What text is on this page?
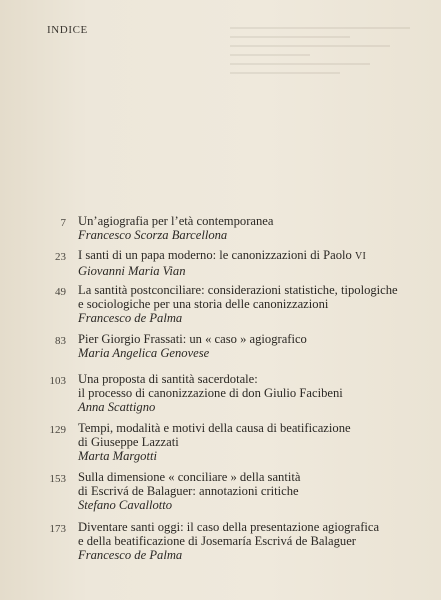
INDICE
7 Un’agiografia per l’età contemporanea
Francesco Scorza Barcellona
23 I santi di un papa moderno: le canonizzazioni di Paolo VI
Giovanni Maria Vian
49 La santità postconciliare: considerazioni statistiche, tipologiche
e sociologiche per una storia delle canonizzazioni
Francesco de Palma
83 Pier Giorgio Frassati: un « caso » agiografico
Maria Angelica Genovese
103 Una proposta di santità sacerdotale:
il processo di canonizzazione di don Giulio Facibeni
Anna Scattigno
129 Tempi, modalità e motivi della causa di beatificazione
di Giuseppe Lazzati
Marta Margotti
153 Sulla dimensione « conciliare » della santità
di Escrivá de Balaguer: annotazioni critiche
Stefano Cavallotto
173 Diventare santi oggi: il caso della presentazione agiografica
e della beatificazione di Josemaría Escrivá de Balaguer
Francesco de Palma
